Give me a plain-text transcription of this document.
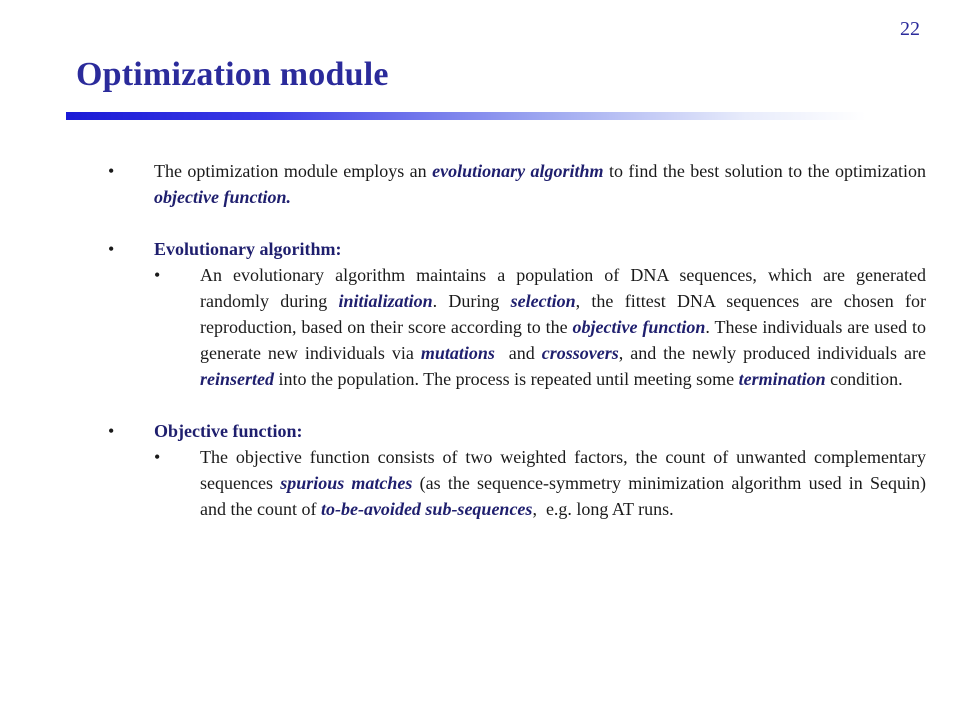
22
Optimization module
• The optimization module employs an evolutionary algorithm to find the best solution to the optimization objective function.
• Evolutionary algorithm:
• An evolutionary algorithm maintains a population of DNA sequences, which are generated randomly during initialization. During selection, the fittest DNA sequences are chosen for reproduction, based on their score according to the objective function. These individuals are used to generate new individuals via mutations  and crossovers, and the newly produced individuals are reinserted into the population. The process is repeated until meeting some termination condition.
• Objective function:
• The objective function consists of two weighted factors, the count of unwanted complementary sequences spurious matches (as the sequence-symmetry minimization algorithm used in Sequin) and the count of to-be-avoided sub-sequences,  e.g. long AT runs.
